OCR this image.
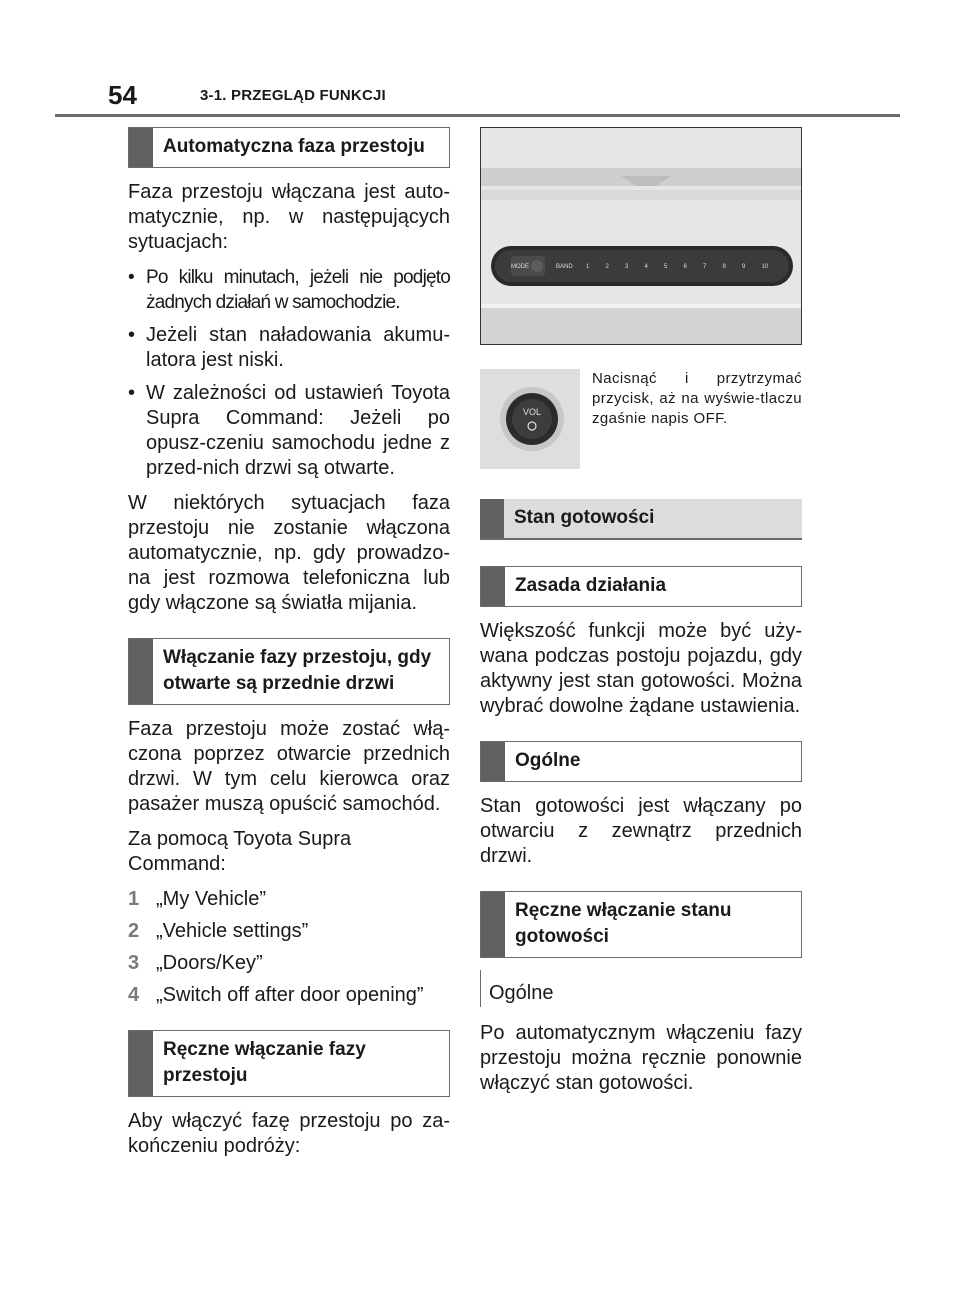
54	3-1. PRZEGLĄD FUNKCJI
Automatyczna faza przestoju

Faza przestoju włączana jest auto-matycznie, np. w następujących sytuacjach:

• Po kilku minutach, jeżeli nie podjęto żadnych działań w samochodzie.
• Jeżeli stan naładowania akumu-latora jest niski.
• W zależności od ustawień Toyota Supra Command: Jeżeli po opusz-czeniu samochodu jedne z przed-nich drzwi są otwarte.

W niektórych sytuacjach faza przestoju nie zostanie włączona automatycznie, np. gdy prowadzo-na jest rozmowa telefoniczna lub gdy włączone są światła mijania.

Włączanie fazy przestoju, gdy otwarte są przednie drzwi

Faza przestoju może zostać włą-czona poprzez otwarcie przednich drzwi. W tym celu kierowca oraz pasażer muszą opuścić samochód.

Za pomocą Toyota Supra Command:

1 „My Vehicle”
2 „Vehicle settings”
3 „Doors/Key”
4 „Switch off after door opening”
Ręczne włączanie fazy przestoju

Aby włączyć fazę przestoju po za-kończeniu podróży:

MODE	BAND 1	2	3	4	5	6	7	8	9	10
VOL
Nacisnąć i przytrzymać przycisk, aż na wyświe-tlaczu zgaśnie napis OFF.
Stan gotowości
Zasada działania

Większość funkcji może być uży-wana podczas postoju pojazdu, gdy aktywny jest stan gotowości. Można wybrać dowolne żądane ustawienia.

Ogólne

Stan gotowości jest włączany po otwarciu z zewnątrz przednich drzwi.

Ręczne włączanie stanu gotowości
Ogólne

Po automatycznym włączeniu fazy przestoju można ręcznie ponownie włączyć stan gotowości.
